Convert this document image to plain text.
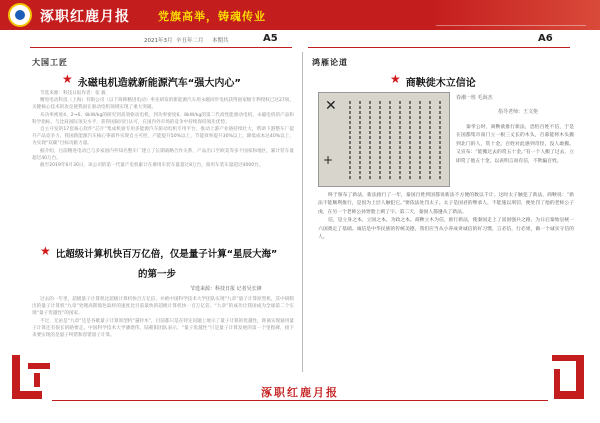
涿职红鹿月报	党旗高举，铸魂传业
2021年3月 辛丑年二月 本期共	A5	A6
大国工匠
★ 永磁电机造就新能源汽车“强大内心”

节选来源：科技日报作者：张 毅

精进电动科技（上海）有限公司（以下简称精进电动）率先研发的新能源汽车用永磁同步电机获得国家级专利授权已达27项，关键核心技术的攻克使我国在驱动电机领域实现了重大突破。

从功率密度4、2→6、8kW/kg的研究到高效驱动电机，到功率密度6、8kW/kg的第二代高性能驱动电机，永磁电机的产品和科学指标，与比肩国际顶尖水平，获得国际同行认可，在国内外市场的竞争中持续保持领先优势。

自主开发的17套核心软件“芯片”集成机驱专用多能源汽车驱动电机专用平台，推动上游产业链持续壮大，帮助下游整车厂提升产品竞争力，我国新能源汽车核心零部件实现自主可控，产能提升50%以上，节能效率提升30%以上，降低成本达40%以上，为实现“双碳”目标贡献力量。

据介绍，目前精进电动已与多家国内外知名整车厂建立了长期战略合作关系，产品出口至欧美等多个国家和地区，累计装车量超过40万台。

截至2019年6月30日，该公司的第一代量产电机累计在乘用车装车量超过8万台，商用车装车量超过4000台。

★ 比超级计算机快百万亿倍，仅是量子计算“星辰大海”
的第一步
节选来源：科技日报 记者吴长锋

过去的一年里，超级量子计算机比超级计算机快百万亿倍，并被中国科学技术大学团队实现“九章”量子计算原型机，其中研制出的量子计算机“九章”处理高斯玻色取样的速度比目前最快的超级计算机快一百万亿倍。“九章”的成功让我国成为全球第二个实现“量子优越性”的国家。

不过，无论是“九章”还是谷歌量子计算原型机“悬铃木”，目前都只是在特定问题上展示了量子计算的优越性，距离实现通用量子计算还有很长的路要走。中国科学技术大学潘建伟、陆朝阳团队表示，“量子优越性”只是量子计算发展的第一个里程碑，接下来要实现的是量子纠错和容错量子计算。

鸿雁论道
★ 商鞅徙木立信论
✕
+
春潮一班 毛海杰
指导老师：王文艳

秦孝公时，商鞅欲推行新法，恐怕百姓不信，于是在国都集市南门立一根三丈长的木头，召募能将木头搬到北门的人，赏十金。百姓对此感到奇怪，没人敢搬。又宣布：“能搬过去的赏五十金。”有一个人搬了过去，立即赏了他五十金，以表明言而有信，不欺骗百姓。

终于颁布了新法，新法推行了一年，秦国百姓到国都说新法不方便的数以千计。这时太子触犯了新法，商鞅说：“新法不能顺利推行，是因为上层人触犯它。”要依法处罚太子。太子是国君的继承人，不能施以刑罚，便处罚了他的老师公子虔，在另一个老师公孙贾脸上刺了字。第二天，秦国人都遵从了新法。

信，是立身之本，立国之本，为政之本。商鞅立木为信，推行新法，使秦国走上了富国强兵之路，为日后秦始皇统一六国奠定了基础。诚信是中华民族的传统美德，我们应当从小养成讲诚信的好习惯，言必信，行必果，做一个诚实守信的人。

涿职红鹿月报
